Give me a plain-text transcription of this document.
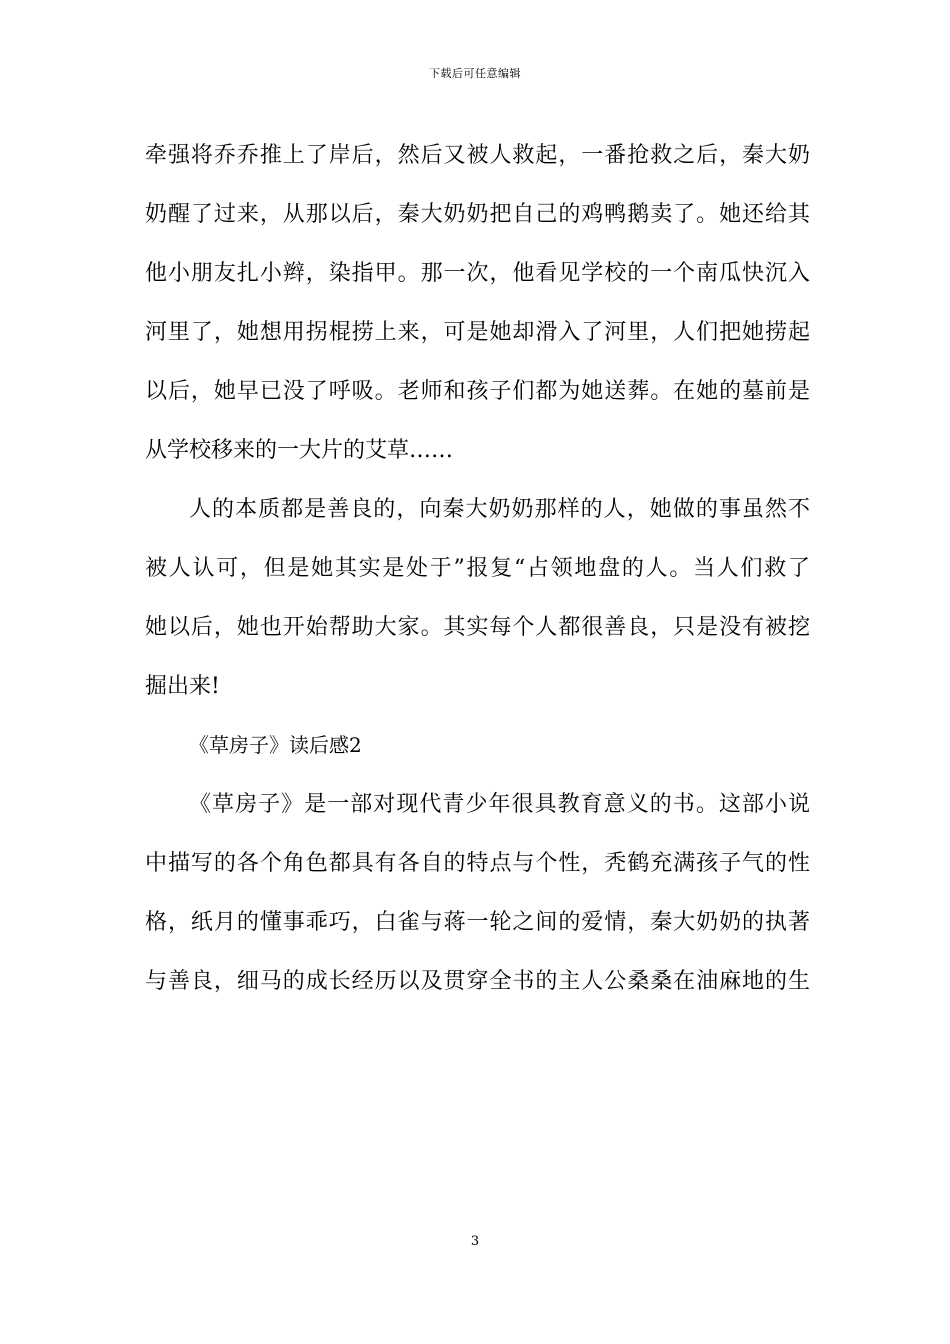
下载后可任意编辑
牵强将乔乔推上了岸后，然后又被人救起，一番抢救之后，秦大奶
奶醒了过来，从那以后，秦大奶奶把自己的鸡鸭鹅卖了。她还给其
他小朋友扎小辫，染指甲。那一次，他看见学校的一个南瓜快沉入
河里了，她想用拐棍捞上来，可是她却滑入了河里，人们把她捞起
以后，她早已没了呼吸。老师和孩子们都为她送葬。在她的墓前是
从学校移来的一大片的艾草……
人的本质都是善良的，向秦大奶奶那样的人，她做的事虽然不
被人认可，但是她其实是处于”报复“占领地盘的人。当人们救了
她以后，她也开始帮助大家。其实每个人都很善良，只是没有被挖
掘出来!
《草房子》读后感2
《草房子》是一部对现代青少年很具教育意义的书。这部小说
中描写的各个角色都具有各自的特点与个性，秃鹤充满孩子气的性
格，纸月的懂事乖巧，白雀与蒋一轮之间的爱情，秦大奶奶的执著
与善良，细马的成长经历以及贯穿全书的主人公桑桑在油麻地的生
3
